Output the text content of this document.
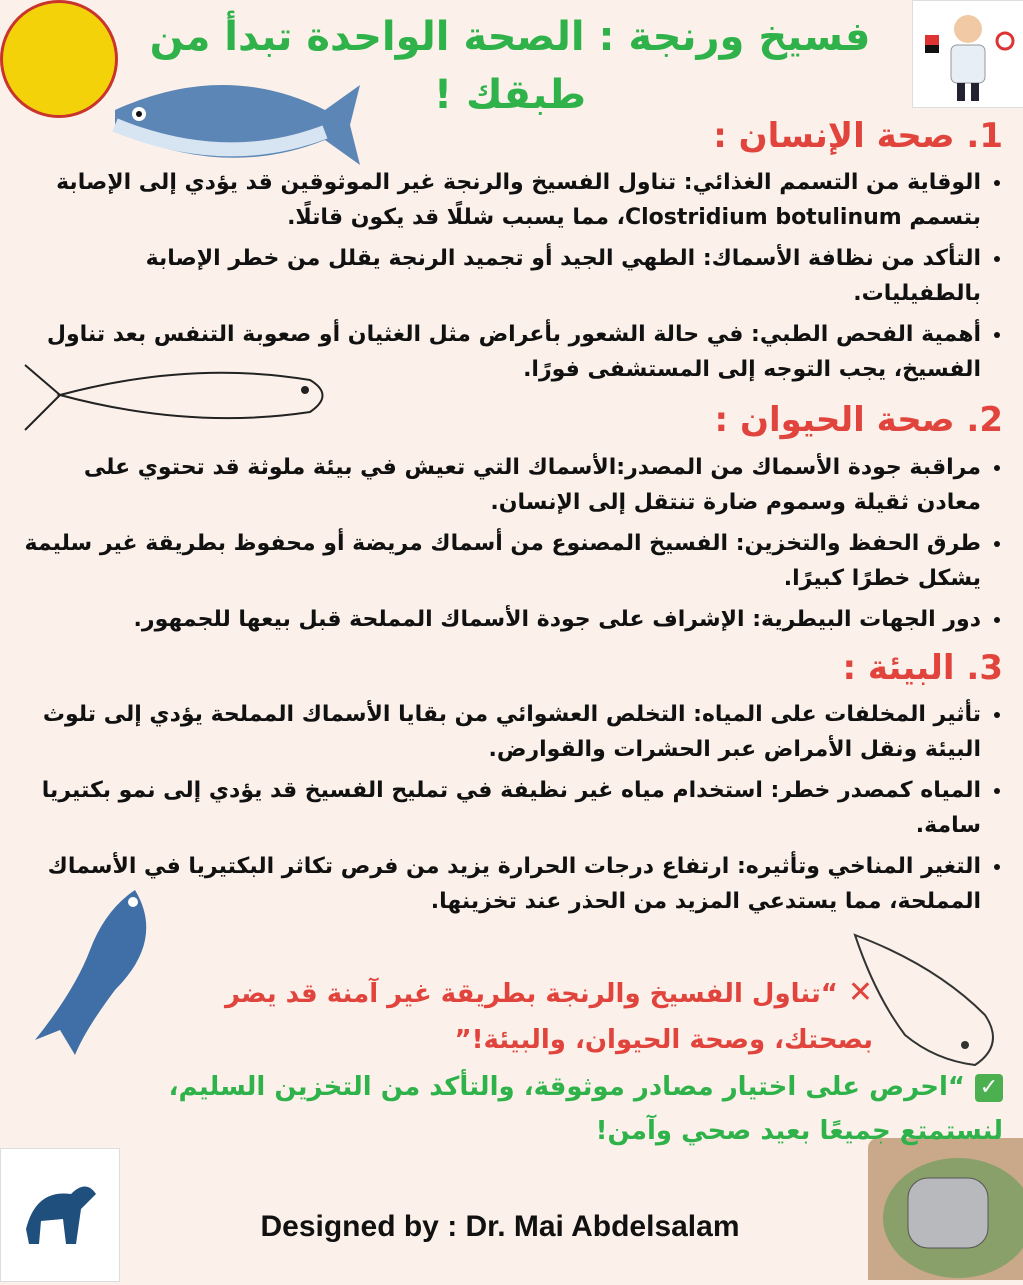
فسيخ ورنجة : الصحة الواحدة تبدأ من طبقك !
1. صحة الإنسان :
• الوقاية من التسمم الغذائي: تناول الفسيخ والرنجة غير الموثوقين قد يؤدي إلى الإصابة بتسمم Clostridium botulinum، مما يسبب شللًا قد يكون قاتلًا.
• التأكد من نظافة الأسماك: الطهي الجيد أو تجميد الرنجة يقلل من خطر الإصابة بالطفيليات.
• أهمية الفحص الطبي: في حالة الشعور بأعراض مثل الغثيان أو صعوبة التنفس بعد تناول الفسيخ، يجب التوجه إلى المستشفى فورًا.
2. صحة الحيوان :
• مراقبة جودة الأسماك من المصدر:الأسماك التي تعيش في بيئة ملوثة قد تحتوي على معادن ثقيلة وسموم ضارة تنتقل إلى الإنسان.
• طرق الحفظ والتخزين: الفسيخ المصنوع من أسماك مريضة أو محفوظ بطريقة غير سليمة يشكل خطرًا كبيرًا.
• دور الجهات البيطرية: الإشراف على جودة الأسماك المملحة قبل بيعها للجمهور.
3. البيئة :
• تأثير المخلفات على المياه: التخلص العشوائي من بقايا الأسماك المملحة يؤدي إلى تلوث البيئة ونقل الأمراض عبر الحشرات والقوارض.
• المياه كمصدر خطر: استخدام مياه غير نظيفة في تمليح الفسيخ قد يؤدي إلى نمو بكتيريا سامة.
• التغير المناخي وتأثيره: ارتفاع درجات الحرارة يزيد من فرص تكاثر البكتيريا في الأسماك المملحة، مما يستدعي المزيد من الحذر عند تخزينها.
✕“تناول الفسيخ والرنجة بطريقة غير آمنة قد يضر بصحتك، وصحة الحيوان، والبيئة!”
✓“احرص على اختيار مصادر موثوقة، والتأكد من التخزين السليم، لنستمتع جميعًا بعيد صحي وآمن!
Designed by : Dr. Mai Abdelsalam
